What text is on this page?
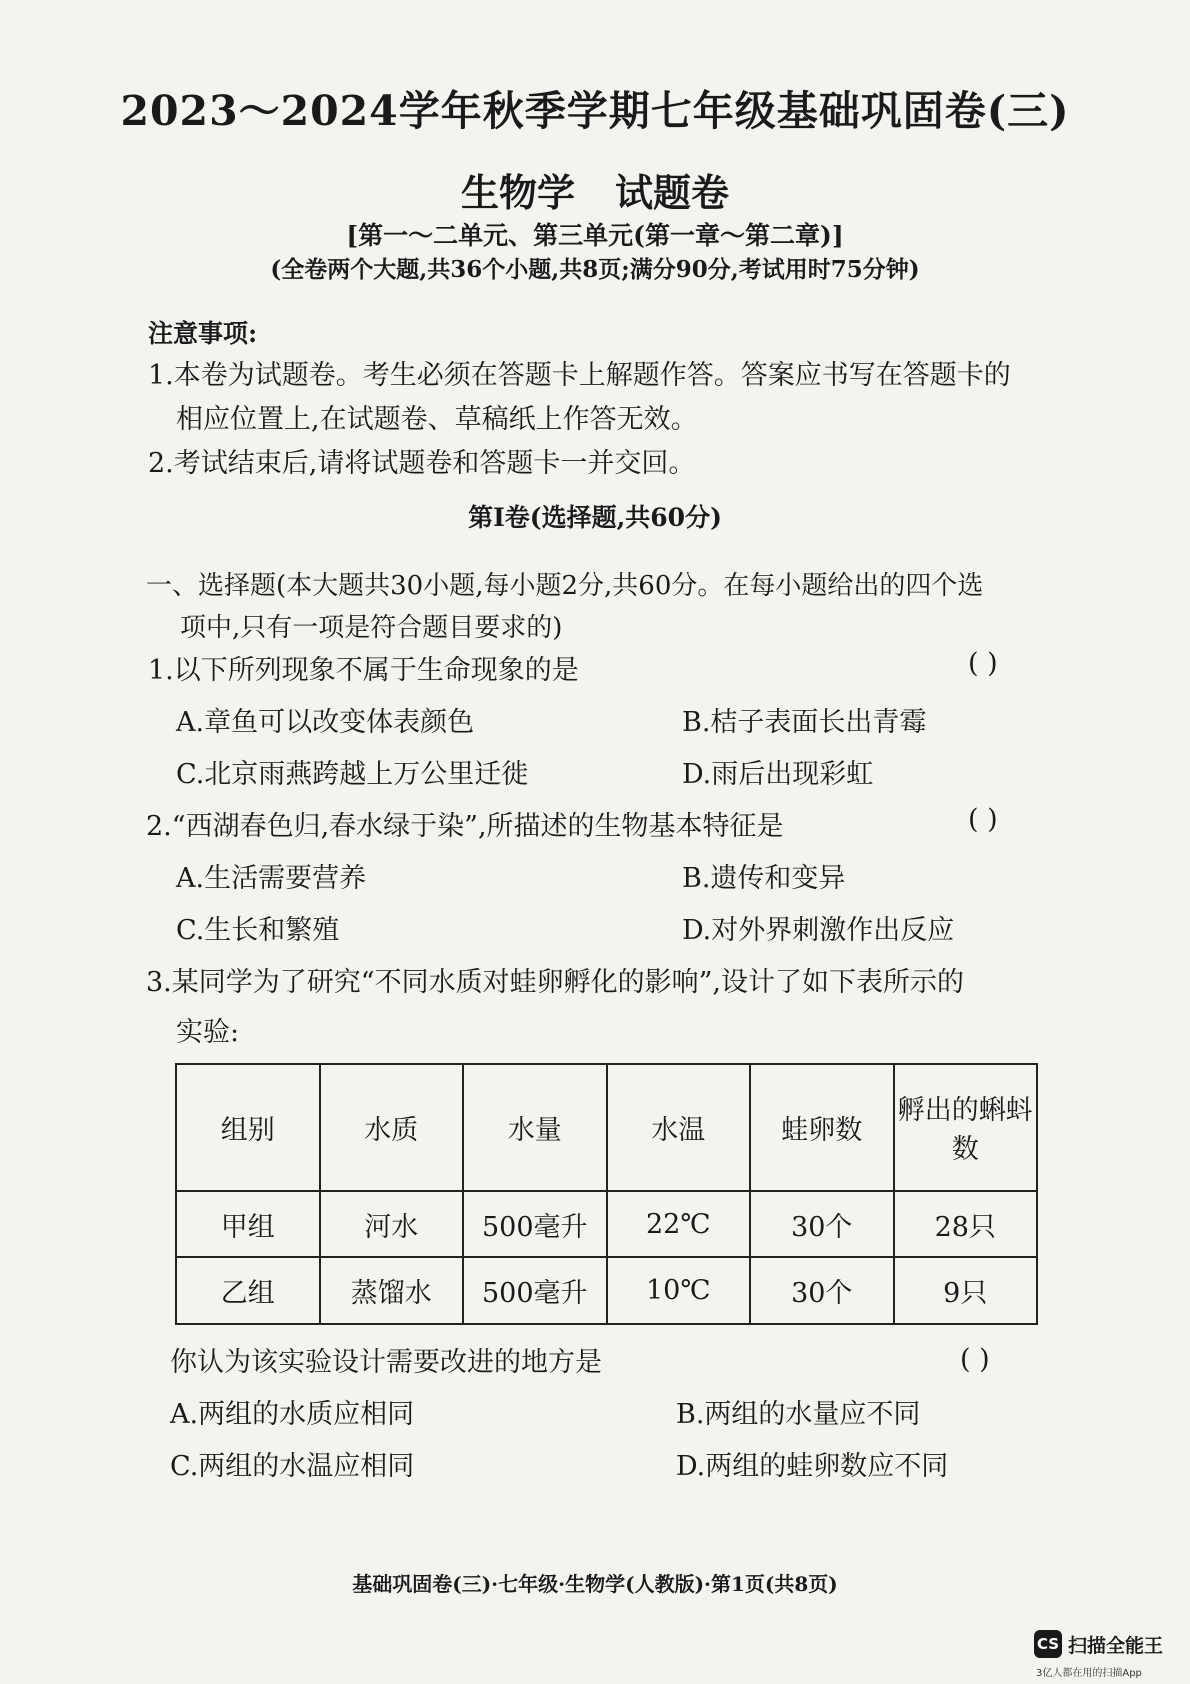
2023～2024学年秋季学期七年级基础巩固卷(三)
生物学 试题卷
[第一～二单元、第三单元(第一章～第二章)]
(全卷两个大题,共36个小题,共8页;满分90分,考试用时75分钟)
注意事项:
1.本卷为试题卷。考生必须在答题卡上解题作答。答案应书写在答题卡的
相应位置上,在试题卷、草稿纸上作答无效。
2.考试结束后,请将试题卷和答题卡一并交回。
第Ⅰ卷(选择题,共60分)
一、选择题(本大题共30小题,每小题2分,共60分。在每小题给出的四个选
项中,只有一项是符合题目要求的)
1.以下所列现象不属于生命现象的是	( )
A.章鱼可以改变体表颜色	B.桔子表面长出青霉
C.北京雨燕跨越上万公里迁徙	D.雨后出现彩虹
2.“西湖春色归,春水绿于染”,所描述的生物基本特征是	( )
A.生活需要营养	B.遗传和变异
C.生长和繁殖	D.对外界刺激作出反应
3.某同学为了研究“不同水质对蛙卵孵化的影响”,设计了如下表所示的
实验:
组别	水质	水量	水温	蛙卵数	孵出的蝌蚪数
甲组	河水	500毫升	22℃	30个	28只
乙组	蒸馏水	500毫升	10℃	30个	9只
你认为该实验设计需要改进的地方是	( )
A.两组的水质应相同	B.两组的水量应不同
C.两组的水温应相同	D.两组的蛙卵数应不同
基础巩固卷(三)·七年级·生物学(人教版)·第1页(共8页)
CS 扫描全能王
3亿人都在用的扫描App
